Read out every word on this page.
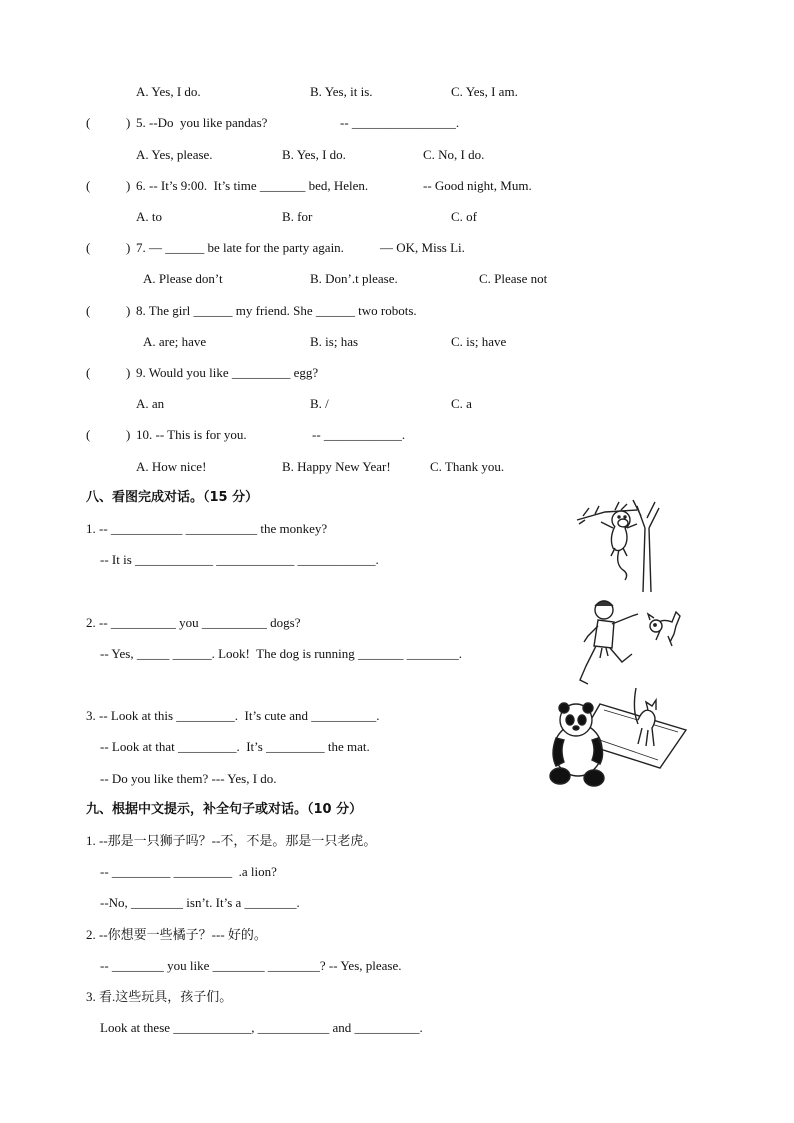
A. Yes, I do.	B. Yes, it is.	C. Yes, I am.
(	) 5. --Do  you like pandas?	-- ________________.
A. Yes, please.	B. Yes, I do.	C. No, I do.
(	) 6. -- It’s 9:00.  It’s time _______ bed, Helen.	-- Good night, Mum.
A. to	B. for	C. of
(	) 7. — ______ be late for the party again.	— OK, Miss Li.
A. Please don’t	B. Don’.t please.	C. Please not
(	) 8. The girl ______ my friend. She ______ two robots.
A. are; have	B. is; has	C. is; have
(	) 9. Would you like _________ egg?
A. an	B. /	C. a
(	) 10. -- This is for you.	-- ____________.
A. How nice!	B. Happy New Year!	C. Thank you.
八、看图完成对话。（15 分）
1. -- ___________ ___________ the monkey?
-- It is ____________ ____________ ____________.
2. -- __________ you __________ dogs?
-- Yes, _____ ______. Look!  The dog is running _______ ________.
3. -- Look at this _________.  It’s cute and __________.
-- Look at that _________.  It’s _________ the mat.
-- Do you like them? --- Yes, I do.
九、根据中文提示，补全句子或对话。（10 分）
1. --那是一只狮子吗？--不，不是。那是一只老虎。
-- _________ _________  .a lion?
--No, ________ isn’t. It’s a ________.
2. --你想要一些橘子？--- 好的。
-- ________ you like ________ ________? -- Yes, please.
3. 看.这些玩具，孩子们。
Look at these ____________, ___________ and __________.
